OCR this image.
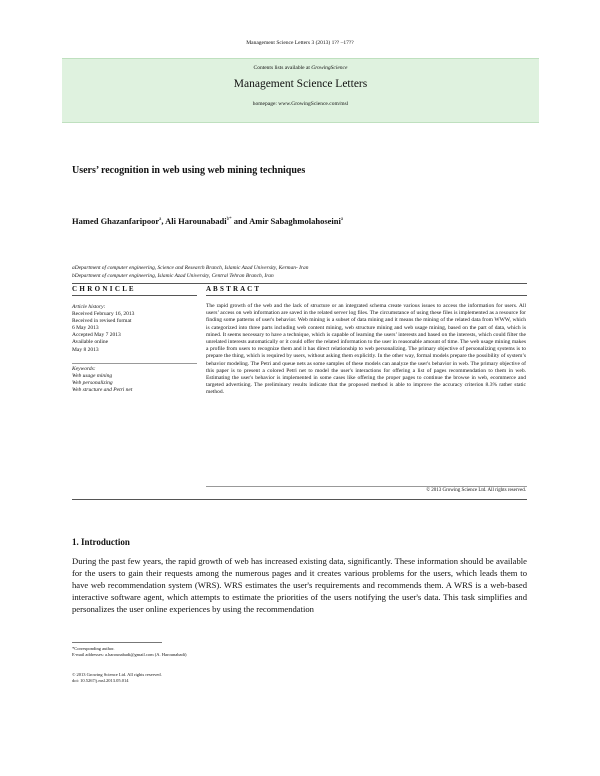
Management Science Letters 3 (2013) 1?? –17??
Contents lists available at GrowingScience
Management Science Letters
homepage: www.GrowingScience.com/msl
Users’ recognition in web using web mining techniques
Hamed Ghazanfaripoor$^a$, Ali Harounabadi$^{b*}$ and Amir Sabaghmolahoseini$^a$
aDepartment of computer engineering, Science and Research Branch, Islamic Azad University, Kerman- Iran
bDepartment of computer engineering, Islamic Azad University, Central Tehran Branch, Iran
C H R O N I C L E	A B S T R A C T
Article history:
Received February 16, 2013
Received in revised format
6 May 2013
Accepted May 7 2013
Available online
May 8 2013
Keywords:
Web usage mining
Web personalizing
Web structure and Petri net
The rapid growth of the web and the lack of structure or an integrated schema create various issues to access the information for users. All users’ access on web information are saved in the related server log files. The circumstance of using these files is implemented as a resource for finding some patterns of user's behavior. Web mining is a subset of data mining and it means the mining of the related data from WWW, which is categorized into three parts including web content mining, web structure mining and web usage mining, based on the part of data, which is mined. It seems necessary to have a technique, which is capable of learning the users’ interests and based on the interests, which could filter the unrelated interests automatically or it could offer the related information to the user in reasonable amount of time. The web usage mining makes a profile from users to recognize them and it has direct relationship to web personalizing. The primary objective of personalizing systems is to prepare the thing, which is required by users, without asking them explicitly. In the other way, formal models prepare the possibility of system’s behavior modeling. The Petri and queue nets as some samples of these models can analyze the user's behavior in web. The primary objective of this paper is to present a colored Petri net to model the user's interactions for offering a list of pages recommendation to them in web. Estimating the user's behavior is implemented in some cases like offering the proper pages to continue the browse in web, ecommerce and targeted advertising. The preliminary results indicate that the proposed method is able to improve the accuracy criterion 8.3% rather static method.
© 2013 Growing Science Ltd. All rights reserved.
1. Introduction
During the past few years, the rapid growth of web has increased existing data, significantly. These information should be available for the users to gain their requests among the numerous pages and it creates various problems for the users, which leads them to have web recommendation system (WRS). WRS estimates the user's requirements and recommends them. A WRS is a web-based interactive software agent, which attempts to estimate the priorities of the users notifying the user's data. This task simplifies and personalizes the user online experiences by using the recommendation
*Corresponding author.
E-mail addresses: a.harounabadi@gmail.com (A. Harounabadi)
© 2013 Growing Science Ltd. All rights reserved.
doi: 10.5267/j.msl.2013.05.014
